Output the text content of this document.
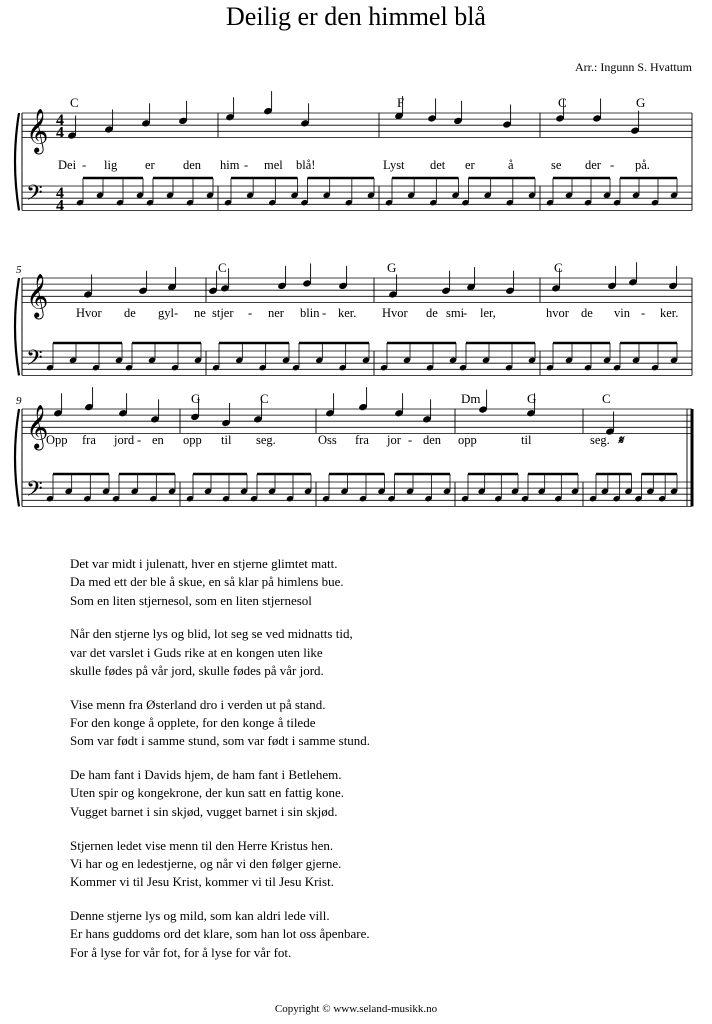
Deilig er den himmel blå
Arr.: Ingunn S. Hvattum
𝄞 4
4
𝄢 4
4
C	F	C	G
Dei - lig er den him - mel blå!	Lyst det er	å	se der - på.
𝄞
𝄢
C	G	C
Hvor de gyl - ne stjer - ner blin - ker. Hvor de smi
- ler,	hvor de vin - ker.
𝄞
𝄢
G	C	Dm	G	C
Opp fra jord - en opp til seg.	Oss fra jor - den opp	til	seg.
5
9
𝄋
Det var midt i julenatt, hver en stjerne glimtet matt.
Da med ett der ble å skue, en så klar på himlens bue.
Som en liten stjernesol, som en liten stjernesol
Når den stjerne lys og blid, lot seg se ved midnatts tid,
var det varslet i Guds rike at en kongen uten like
skulle fødes på vår jord, skulle fødes på vår jord.
Vise menn fra Østerland dro i verden ut på stand.
For den konge å opplete, for den konge å tilede
Som var født i samme stund, som var født i samme stund.
De ham fant i Davids hjem, de ham fant i Betlehem.
Uten spir og kongekrone, der kun satt en fattig kone.
Vugget barnet i sin skjød, vugget barnet i sin skjød.
Stjernen ledet vise menn til den Herre Kristus hen.
Vi har og en ledestjerne, og når vi den følger gjerne.
Kommer vi til Jesu Krist, kommer vi til Jesu Krist.
Denne stjerne lys og mild, som kan aldri lede vill.
Er hans guddoms ord det klare, som han lot oss åpenbare.
For å lyse for vår fot, for å lyse for vår fot.
Copyright © www.seland-musikk.no
